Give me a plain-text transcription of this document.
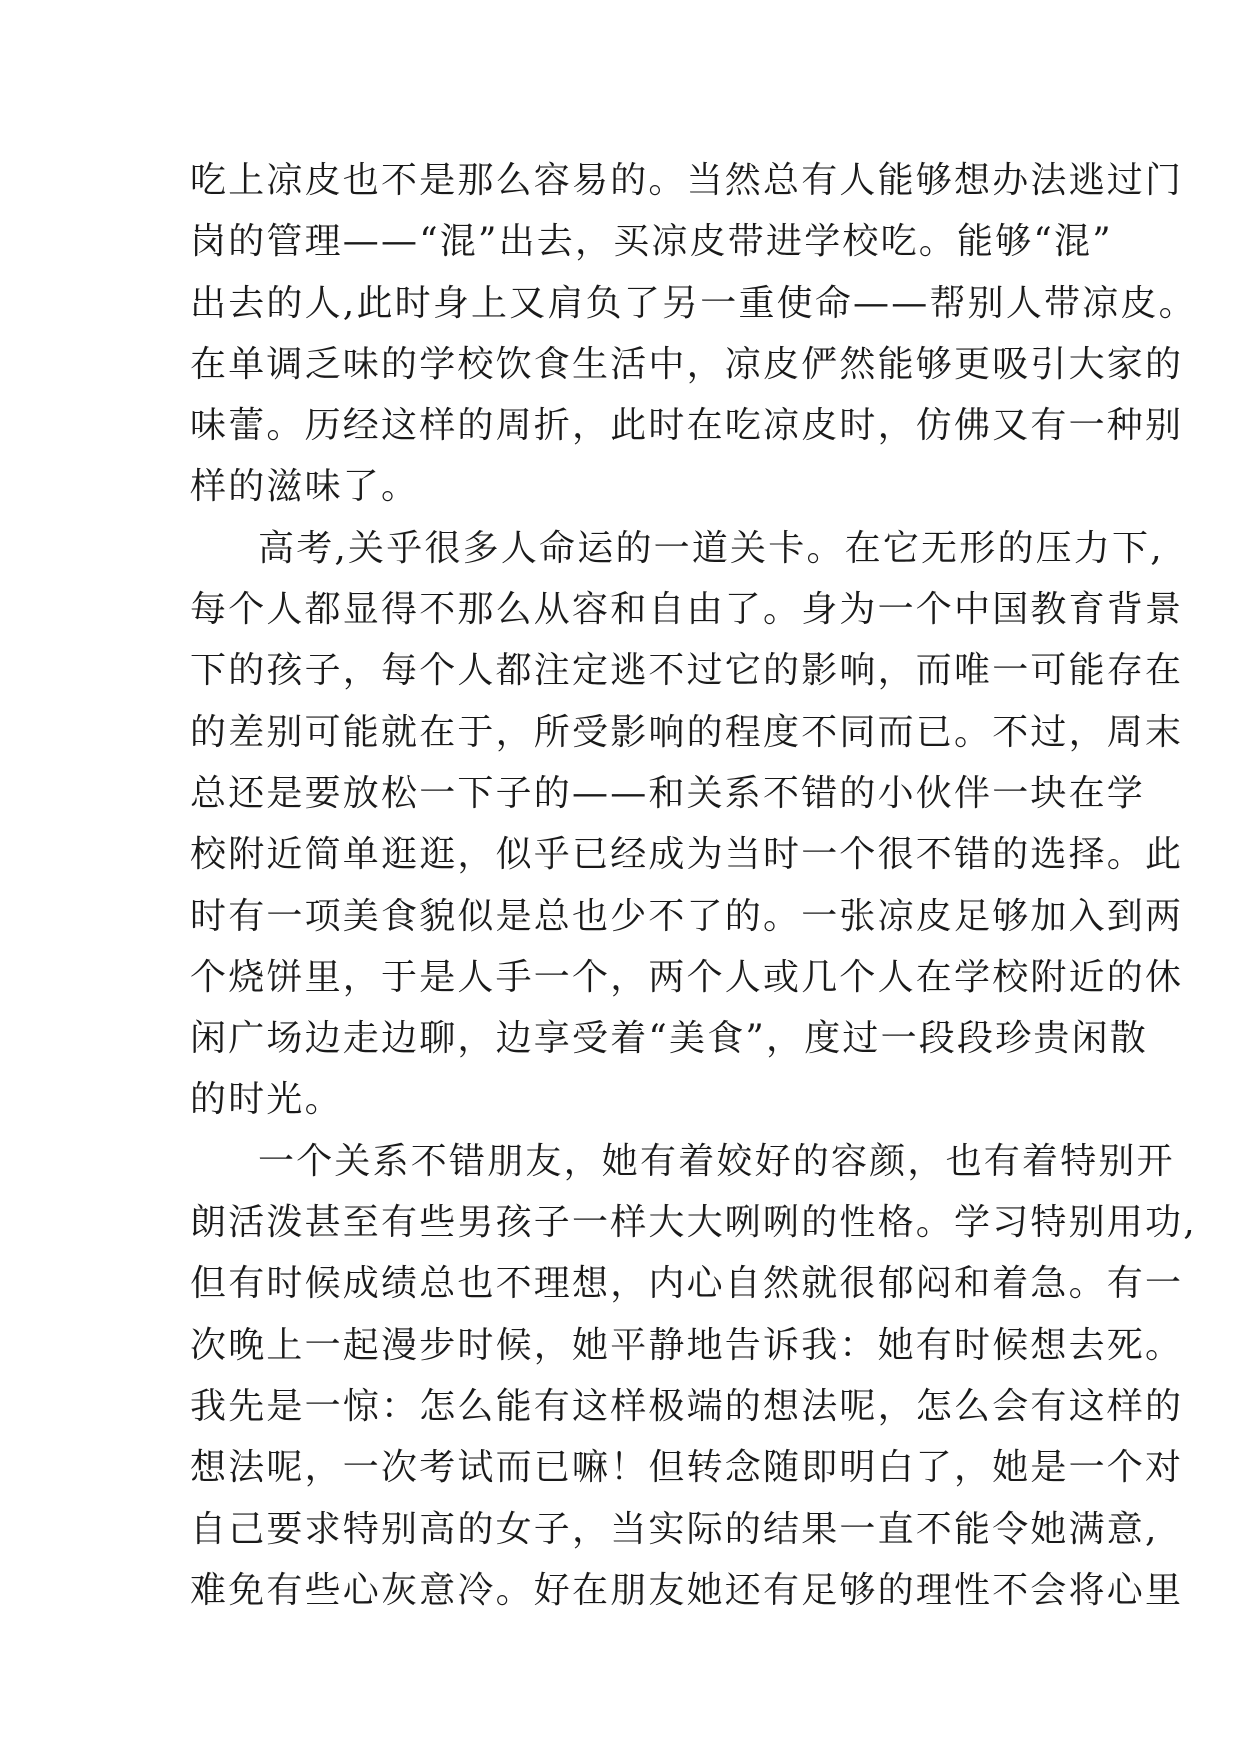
吃上凉皮也不是那么容易的。当然总有人能够想办法逃过门
岗的管理——“混”出去，买凉皮带进学校吃。能够“混”
出去的人,此时身上又肩负了另一重使命——帮别人带凉皮。
在单调乏味的学校饮食生活中，凉皮俨然能够更吸引大家的
味蕾。历经这样的周折，此时在吃凉皮时，仿佛又有一种别
样的滋味了。
高考,关乎很多人命运的一道关卡。在它无形的压力下,
每个人都显得不那么从容和自由了。身为一个中国教育背景
下的孩子，每个人都注定逃不过它的影响，而唯一可能存在
的差别可能就在于，所受影响的程度不同而已。不过，周末
总还是要放松一下子的——和关系不错的小伙伴一块在学
校附近简单逛逛，似乎已经成为当时一个很不错的选择。此
时有一项美食貌似是总也少不了的。一张凉皮足够加入到两
个烧饼里，于是人手一个，两个人或几个人在学校附近的休
闲广场边走边聊，边享受着“美食”，度过一段段珍贵闲散
的时光。
一个关系不错朋友，她有着姣好的容颜，也有着特别开
朗活泼甚至有些男孩子一样大大咧咧的性格。学习特别用功,
但有时候成绩总也不理想，内心自然就很郁闷和着急。有一
次晚上一起漫步时候，她平静地告诉我：她有时候想去死。
我先是一惊：怎么能有这样极端的想法呢，怎么会有这样的
想法呢，一次考试而已嘛！但转念随即明白了，她是一个对
自己要求特别高的女子，当实际的结果一直不能令她满意,
难免有些心灰意冷。好在朋友她还有足够的理性不会将心里
